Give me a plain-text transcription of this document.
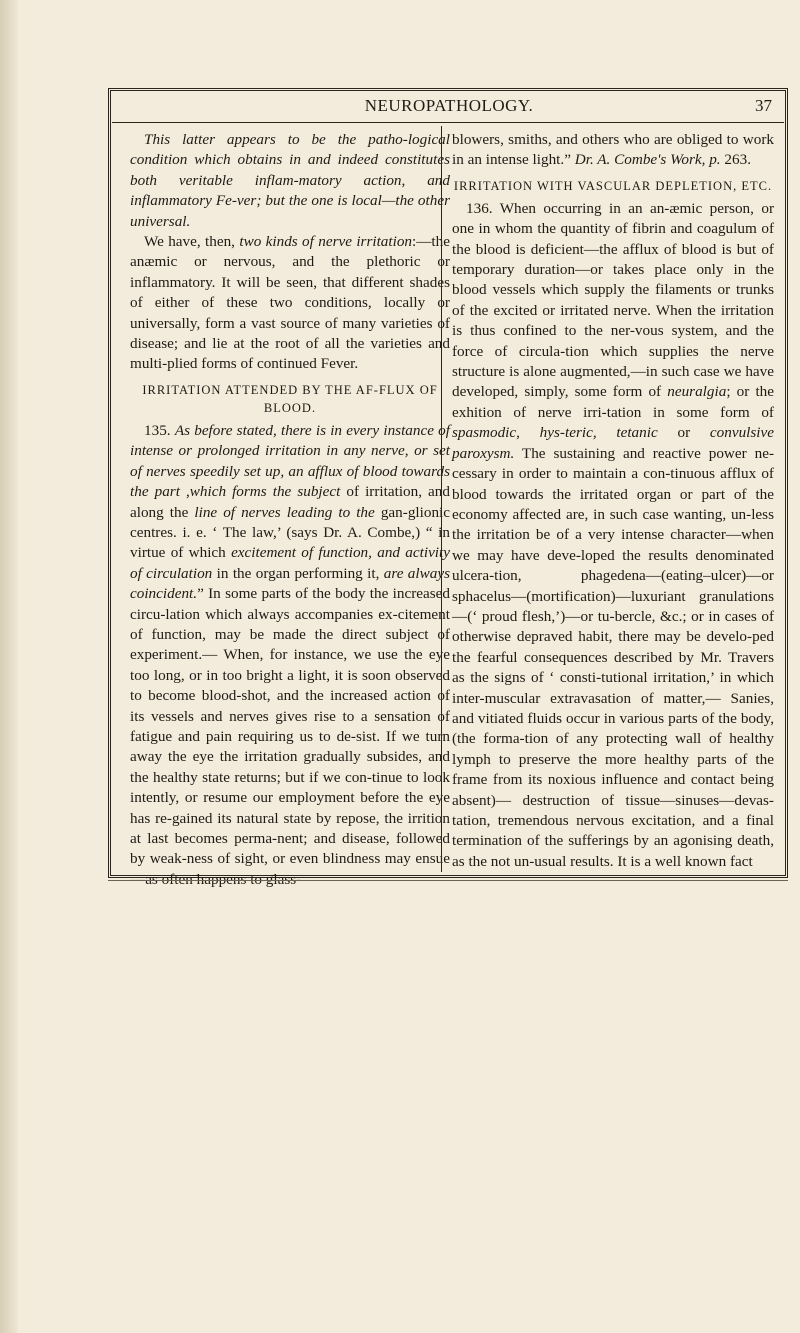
NEUROPATHOLOGY.	37

This latter appears to be the patho-logical condition which obtains in and indeed constitutes both veritable inflam-matory action, and inflammatory Fe-ver; but the one is local—the other universal.

We have, then, two kinds of nerve irritation:—the anæmic or nervous, and the plethoric or inflammatory. It will be seen, that different shades of either of these two conditions, locally or universally, form a vast source of many varieties of disease; and lie at the root of all the varieties and multi-plied forms of continued Fever.

IRRITATION ATTENDED BY THE AF-FLUX OF BLOOD.

135. As before stated, there is in every instance of intense or prolonged irritation in any nerve, or set of nerves speedily set up, an afflux of blood towards the part ,which forms the subject of irritation, and along the line of nerves leading to the gan-glionic centres. i. e. ‘ The law,’ (says Dr. A. Combe,) “ in virtue of which excitement of function, and activity of circulation in the organ performing it, are always coincident.” In some parts of the body the increased circu-lation which always accompanies ex-citement of function, may be made the direct subject of experiment.— When, for instance, we use the eye too long, or in too bright a light, it is soon observed to become blood-shot, and the increased action of its vessels and nerves gives rise to a sensation of fatigue and pain requiring us to de-sist. If we turn away the eye the irritation gradually subsides, and the healthy state returns; but if we con-tinue to look intently, or resume our employment before the eye has re-gained its natural state by repose, the irrition at last becomes perma-nent; and disease, followed by weak-ness of sight, or even blindness may ensue—as often happens to glass-

blowers, smiths, and others who are obliged to work in an intense light.” Dr. A. Combe's Work, p. 263.

IRRITATION WITH VASCULAR DEPLETION, ETC.

136. When occurring in an an-æmic person, or one in whom the quantity of fibrin and coagulum of the blood is deficient—the afflux of blood is but of temporary duration—or takes place only in the blood vessels which supply the filaments or trunks of the excited or irritated nerve. When the irritation is thus confined to the ner-vous system, and the force of circula-tion which supplies the nerve structure is alone augmented,—in such case we have developed, simply, some form of neuralgia; or the exhition of nerve irri-tation in some form of spasmodic, hys-teric, tetanic or convulsive paroxysm. The sustaining and reactive power ne-cessary in order to maintain a con-tinuous afflux of blood towards the irritated organ or part of the economy affected are, in such case wanting, un-less the irritation be of a very intense character—when we may have deve-loped the results denominated ulcera-tion, phagedena—(eating–ulcer)—or sphacelus—(mortification)—luxuriant granulations—(‘ proud flesh,’)—or tu-bercle, &c.; or in cases of otherwise depraved habit, there may be develo-ped the fearful consequences described by Mr. Travers as the signs of ‘ consti-tutional irritation,’ in which inter-muscular extravasation of matter,— Sanies, and vitiated fluids occur in various parts of the body, (the forma-tion of any protecting wall of healthy lymph to preserve the more healthy parts of the frame from its noxious influence and contact being absent)— destruction of tissue—sinuses—devas-tation, tremendous nervous excitation, and a final termination of the sufferings by an agonising death, as the not un-usual results. It is a well known fact
